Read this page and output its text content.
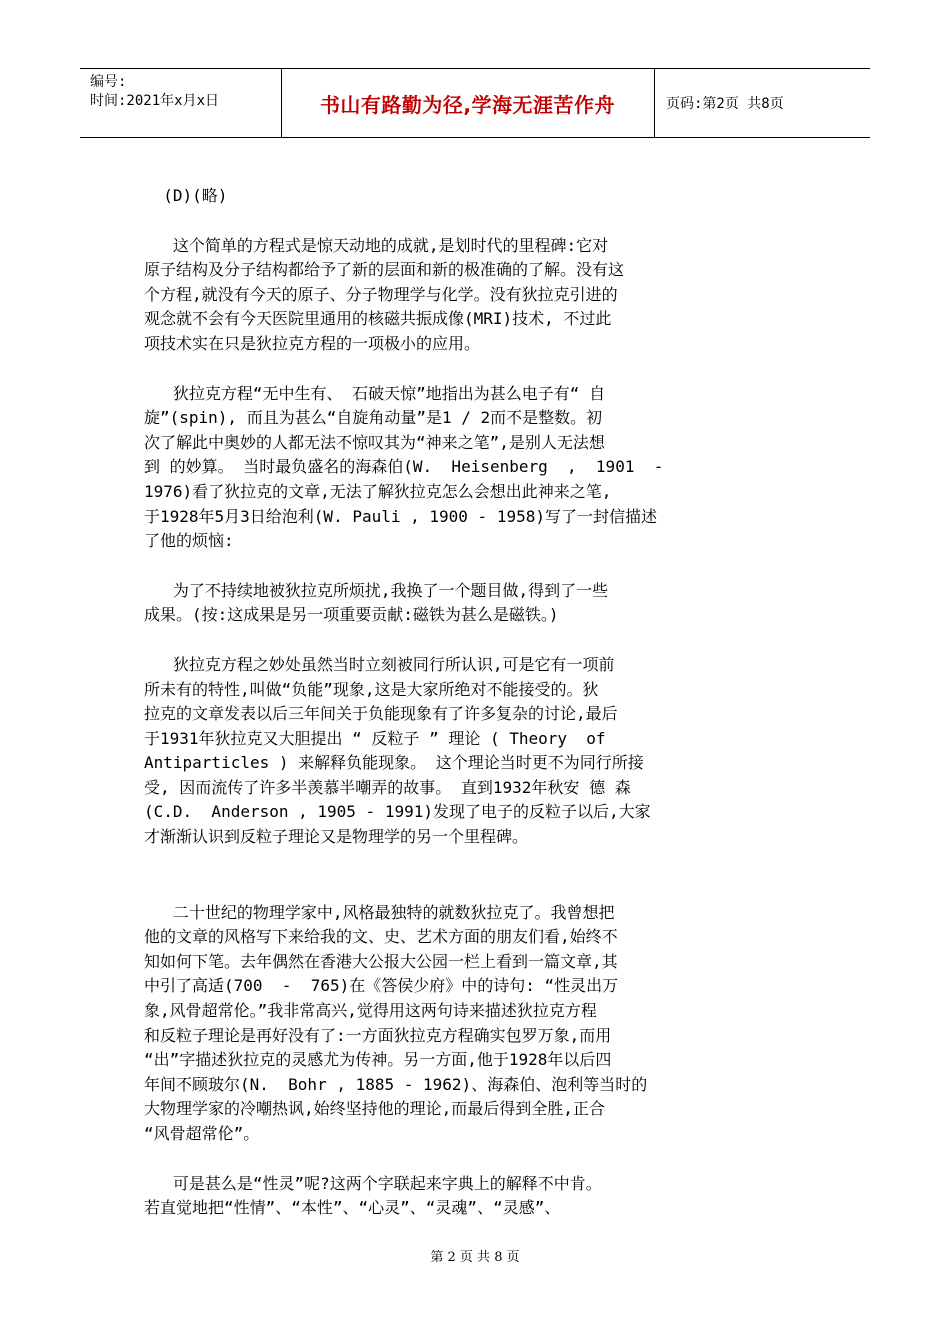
编号:
时间:2021年x月x日	书山有路勤为径,学海无涯苦作舟	页码:第2页 共8页

(D)(略)

这个简单的方程式是惊天动地的成就,是划时代的里程碑:它对

原子结构及分子结构都给予了新的层面和新的极准确的了解。没有这

个方程,就没有今天的原子、分子物理学与化学。没有狄拉克引进的

观念就不会有今天医院里通用的核磁共振成像(MRI)技术, 不过此

项技术实在只是狄拉克方程的一项极小的应用。

狄拉克方程“无中生有、 石破天惊”地指出为甚么电子有“ 自

旋”(spin), 而且为甚么“自旋角动量”是1 / 2而不是整数。初

次了解此中奥妙的人都无法不惊叹其为“神来之笔”,是别人无法想

到 的妙算。 当时最负盛名的海森伯(W.  Heisenberg  ,  1901  -

1976)看了狄拉克的文章,无法了解狄拉克怎么会想出此神来之笔,

于1928年5月3日给泡利(W. Pauli , 1900 - 1958)写了一封信描述

了他的烦恼:

为了不持续地被狄拉克所烦扰,我换了一个题目做,得到了一些

成果。(按:这成果是另一项重要贡献:磁铁为甚么是磁铁。)

狄拉克方程之妙处虽然当时立刻被同行所认识,可是它有一项前

所未有的特性,叫做“负能”现象,这是大家所绝对不能接受的。狄

拉克的文章发表以后三年间关于负能现象有了许多复杂的讨论,最后

于1931年狄拉克又大胆提出 “ 反粒子 ” 理论 ( Theory  of

Antiparticles ) 来解释负能现象。 这个理论当时更不为同行所接

受, 因而流传了许多半羡慕半嘲弄的故事。 直到1932年秋安 德 森

(C.D.  Anderson , 1905 - 1991)发现了电子的反粒子以后,大家

才渐渐认识到反粒子理论又是物理学的另一个里程碑。

二十世纪的物理学家中,风格最独特的就数狄拉克了。我曾想把

他的文章的风格写下来给我的文、史、艺术方面的朋友们看,始终不

知如何下笔。去年偶然在香港大公报大公园一栏上看到一篇文章,其

中引了高适(700  -  765)在《答侯少府》中的诗句: “性灵出万

象,风骨超常伦。”我非常高兴,觉得用这两句诗来描述狄拉克方程

和反粒子理论是再好没有了:一方面狄拉克方程确实包罗万象,而用

“出”字描述狄拉克的灵感尤为传神。另一方面,他于1928年以后四

年间不顾玻尔(N.  Bohr , 1885 - 1962)、海森伯、泡利等当时的

大物理学家的冷嘲热讽,始终坚持他的理论,而最后得到全胜,正合

“风骨超常伦”。

可是甚么是“性灵”呢?这两个字联起来字典上的解释不中肯。

若直觉地把“性情”、“本性”、“心灵”、“灵魂”、“灵感”、

第 2 页 共 8 页
